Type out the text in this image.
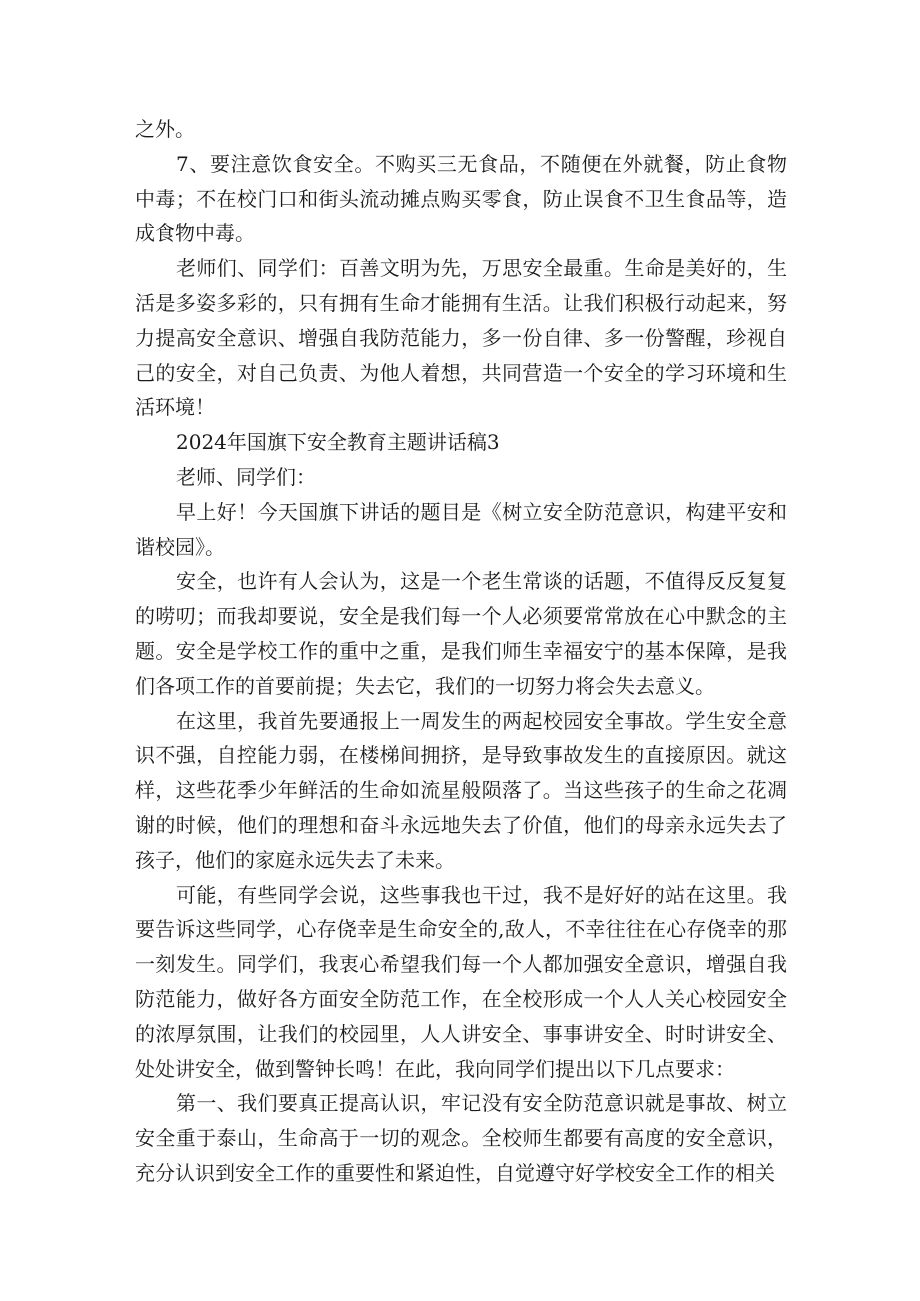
之外。

7、要注意饮食安全。不购买三无食品，不随便在外就餐，防止食物中毒；不在校门口和街头流动摊点购买零食，防止误食不卫生食品等，造成食物中毒。

老师们、同学们：百善文明为先，万思安全最重。生命是美好的，生活是多姿多彩的，只有拥有生命才能拥有生活。让我们积极行动起来，努力提高安全意识、增强自我防范能力，多一份自律、多一份警醒，珍视自己的安全，对自己负责、为他人着想，共同营造一个安全的学习环境和生活环境！

2024年国旗下安全教育主题讲话稿3

老师、同学们：

早上好！今天国旗下讲话的题目是《树立安全防范意识，构建平安和谐校园》。

安全，也许有人会认为，这是一个老生常谈的话题，不值得反反复复的唠叨；而我却要说，安全是我们每一个人必须要常常放在心中默念的主题。安全是学校工作的重中之重，是我们师生幸福安宁的基本保障，是我们各项工作的首要前提；失去它，我们的一切努力将会失去意义。

在这里，我首先要通报上一周发生的两起校园安全事故。学生安全意识不强，自控能力弱，在楼梯间拥挤，是导致事故发生的直接原因。就这样，这些花季少年鲜活的生命如流星般陨落了。当这些孩子的生命之花凋谢的时候，他们的理想和奋斗永远地失去了价值，他们的母亲永远失去了孩子，他们的家庭永远失去了未来。

可能，有些同学会说，这些事我也干过，我不是好好的站在这里。我要告诉这些同学，心存侥幸是生命安全的,敌人，不幸往往在心存侥幸的那一刻发生。同学们，我衷心希望我们每一个人都加强安全意识，增强自我防范能力，做好各方面安全防范工作，在全校形成一个人人关心校园安全的浓厚氛围，让我们的校园里，人人讲安全、事事讲安全、时时讲安全、处处讲安全，做到警钟长鸣！在此，我向同学们提出以下几点要求：

第一、我们要真正提高认识，牢记没有安全防范意识就是事故、树立安全重于泰山，生命高于一切的观念。全校师生都要有高度的安全意识，充分认识到安全工作的重要性和紧迫性，自觉遵守好学校安全工作的相关
